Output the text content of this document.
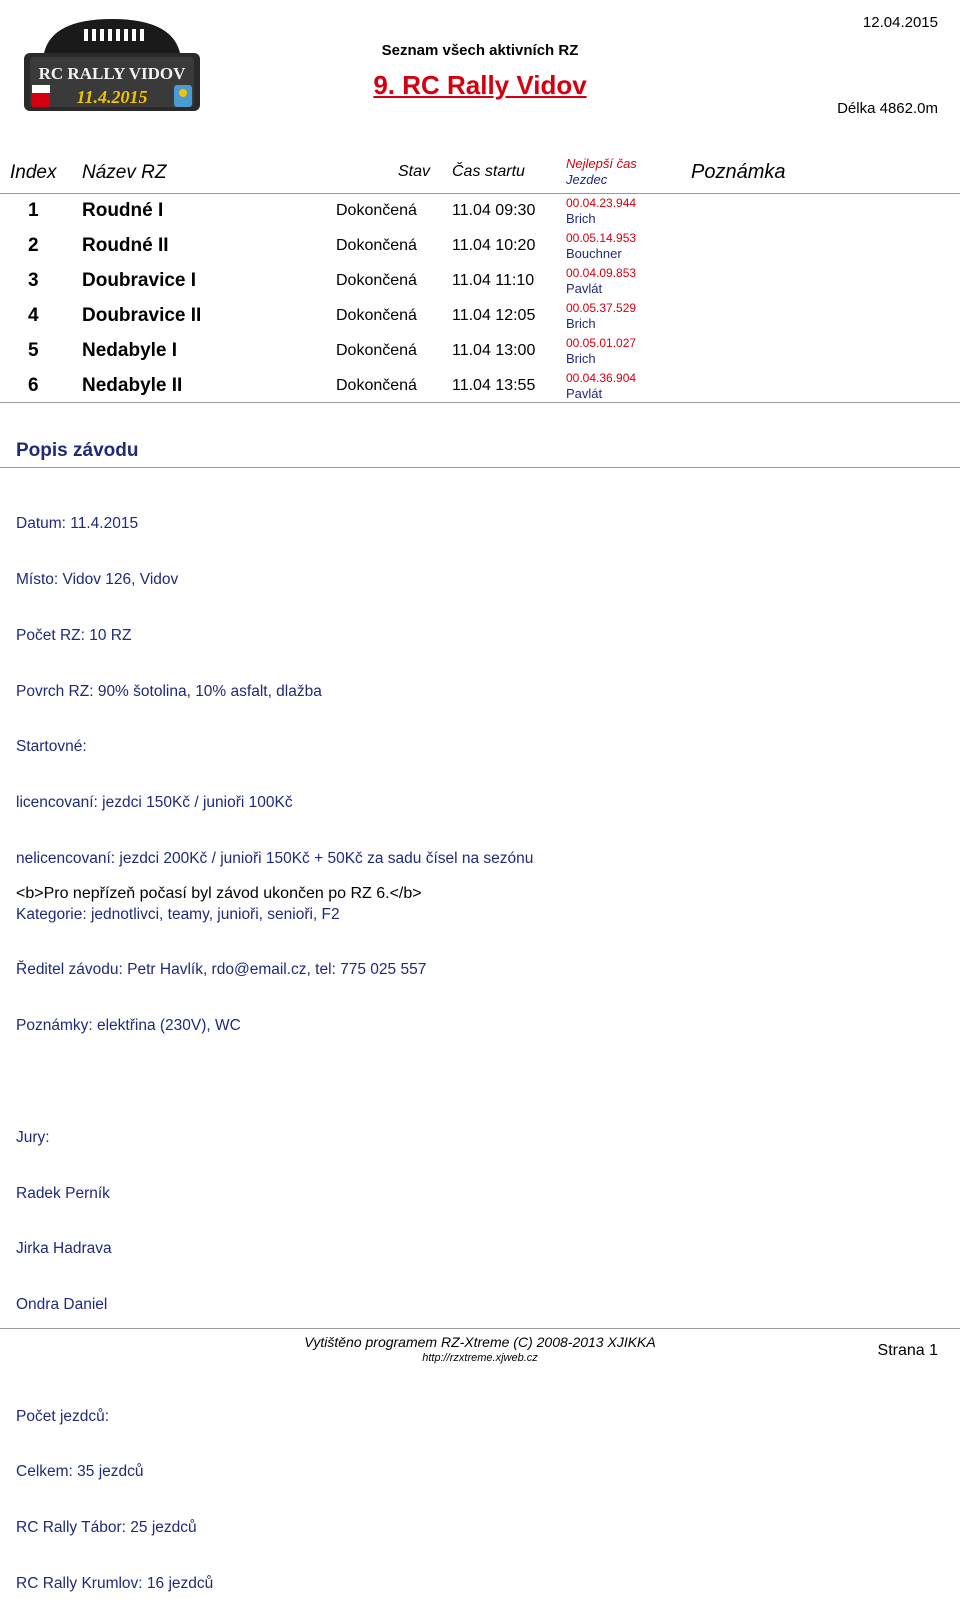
RC RALLY VIDOV
11.4.2015
Seznam všech aktivních RZ
9. RC Rally Vidov
12.04.2015
Délka 4862.0m
Index Název RZ	Stav Čas startu	Nejlepší čas
Jezdec	Poznámka
1 Roudné I	Dokončená 11.04 09:30	00.04.23.944
Brich
2 Roudné II	Dokončená 11.04 10:20	00.05.14.953
Bouchner
3 Doubravice I	Dokončená 11.04 11:10	00.04.09.853
Pavlát
4 Doubravice II	Dokončená 11.04 12:05	00.05.37.529
Brich
5 Nedabyle I	Dokončená 11.04 13:00	00.05.01.027
Brich
6 Nedabyle II	Dokončená 11.04 13:55	00.04.36.904
Pavlát
Popis závodu

Datum: 11.4.2015

Místo: Vidov 126, Vidov

Počet RZ: 10 RZ

Povrch RZ: 90% šotolina, 10% asfalt, dlažba

Startovné:

licencovaní: jezdci 150Kč / junioři 100Kč

nelicencovaní: jezdci 200Kč / junioři 150Kč + 50Kč za sadu čísel na sezónu

Kategorie: jednotlivci, teamy, junioři, senioři, F2

Ředitel závodu: Petr Havlík, rdo@email.cz, tel: 775 025 557

Poznámky: elektřina (230V), WC

Jury:

Radek Perník

Jirka Hadrava

Ondra Daniel

Počet jezdců:

Celkem: 35 jezdců

RC Rally Tábor: 25 jezdců

RC Rally Krumlov: 16 jezdců

<b>Pro nepřízeň počasí byl závod ukončen po RZ 6.</b>
Vytištěno programem RZ-Xtreme (C) 2008-2013 XJIKKA
http://rzxtreme.xjweb.cz	Strana 1
